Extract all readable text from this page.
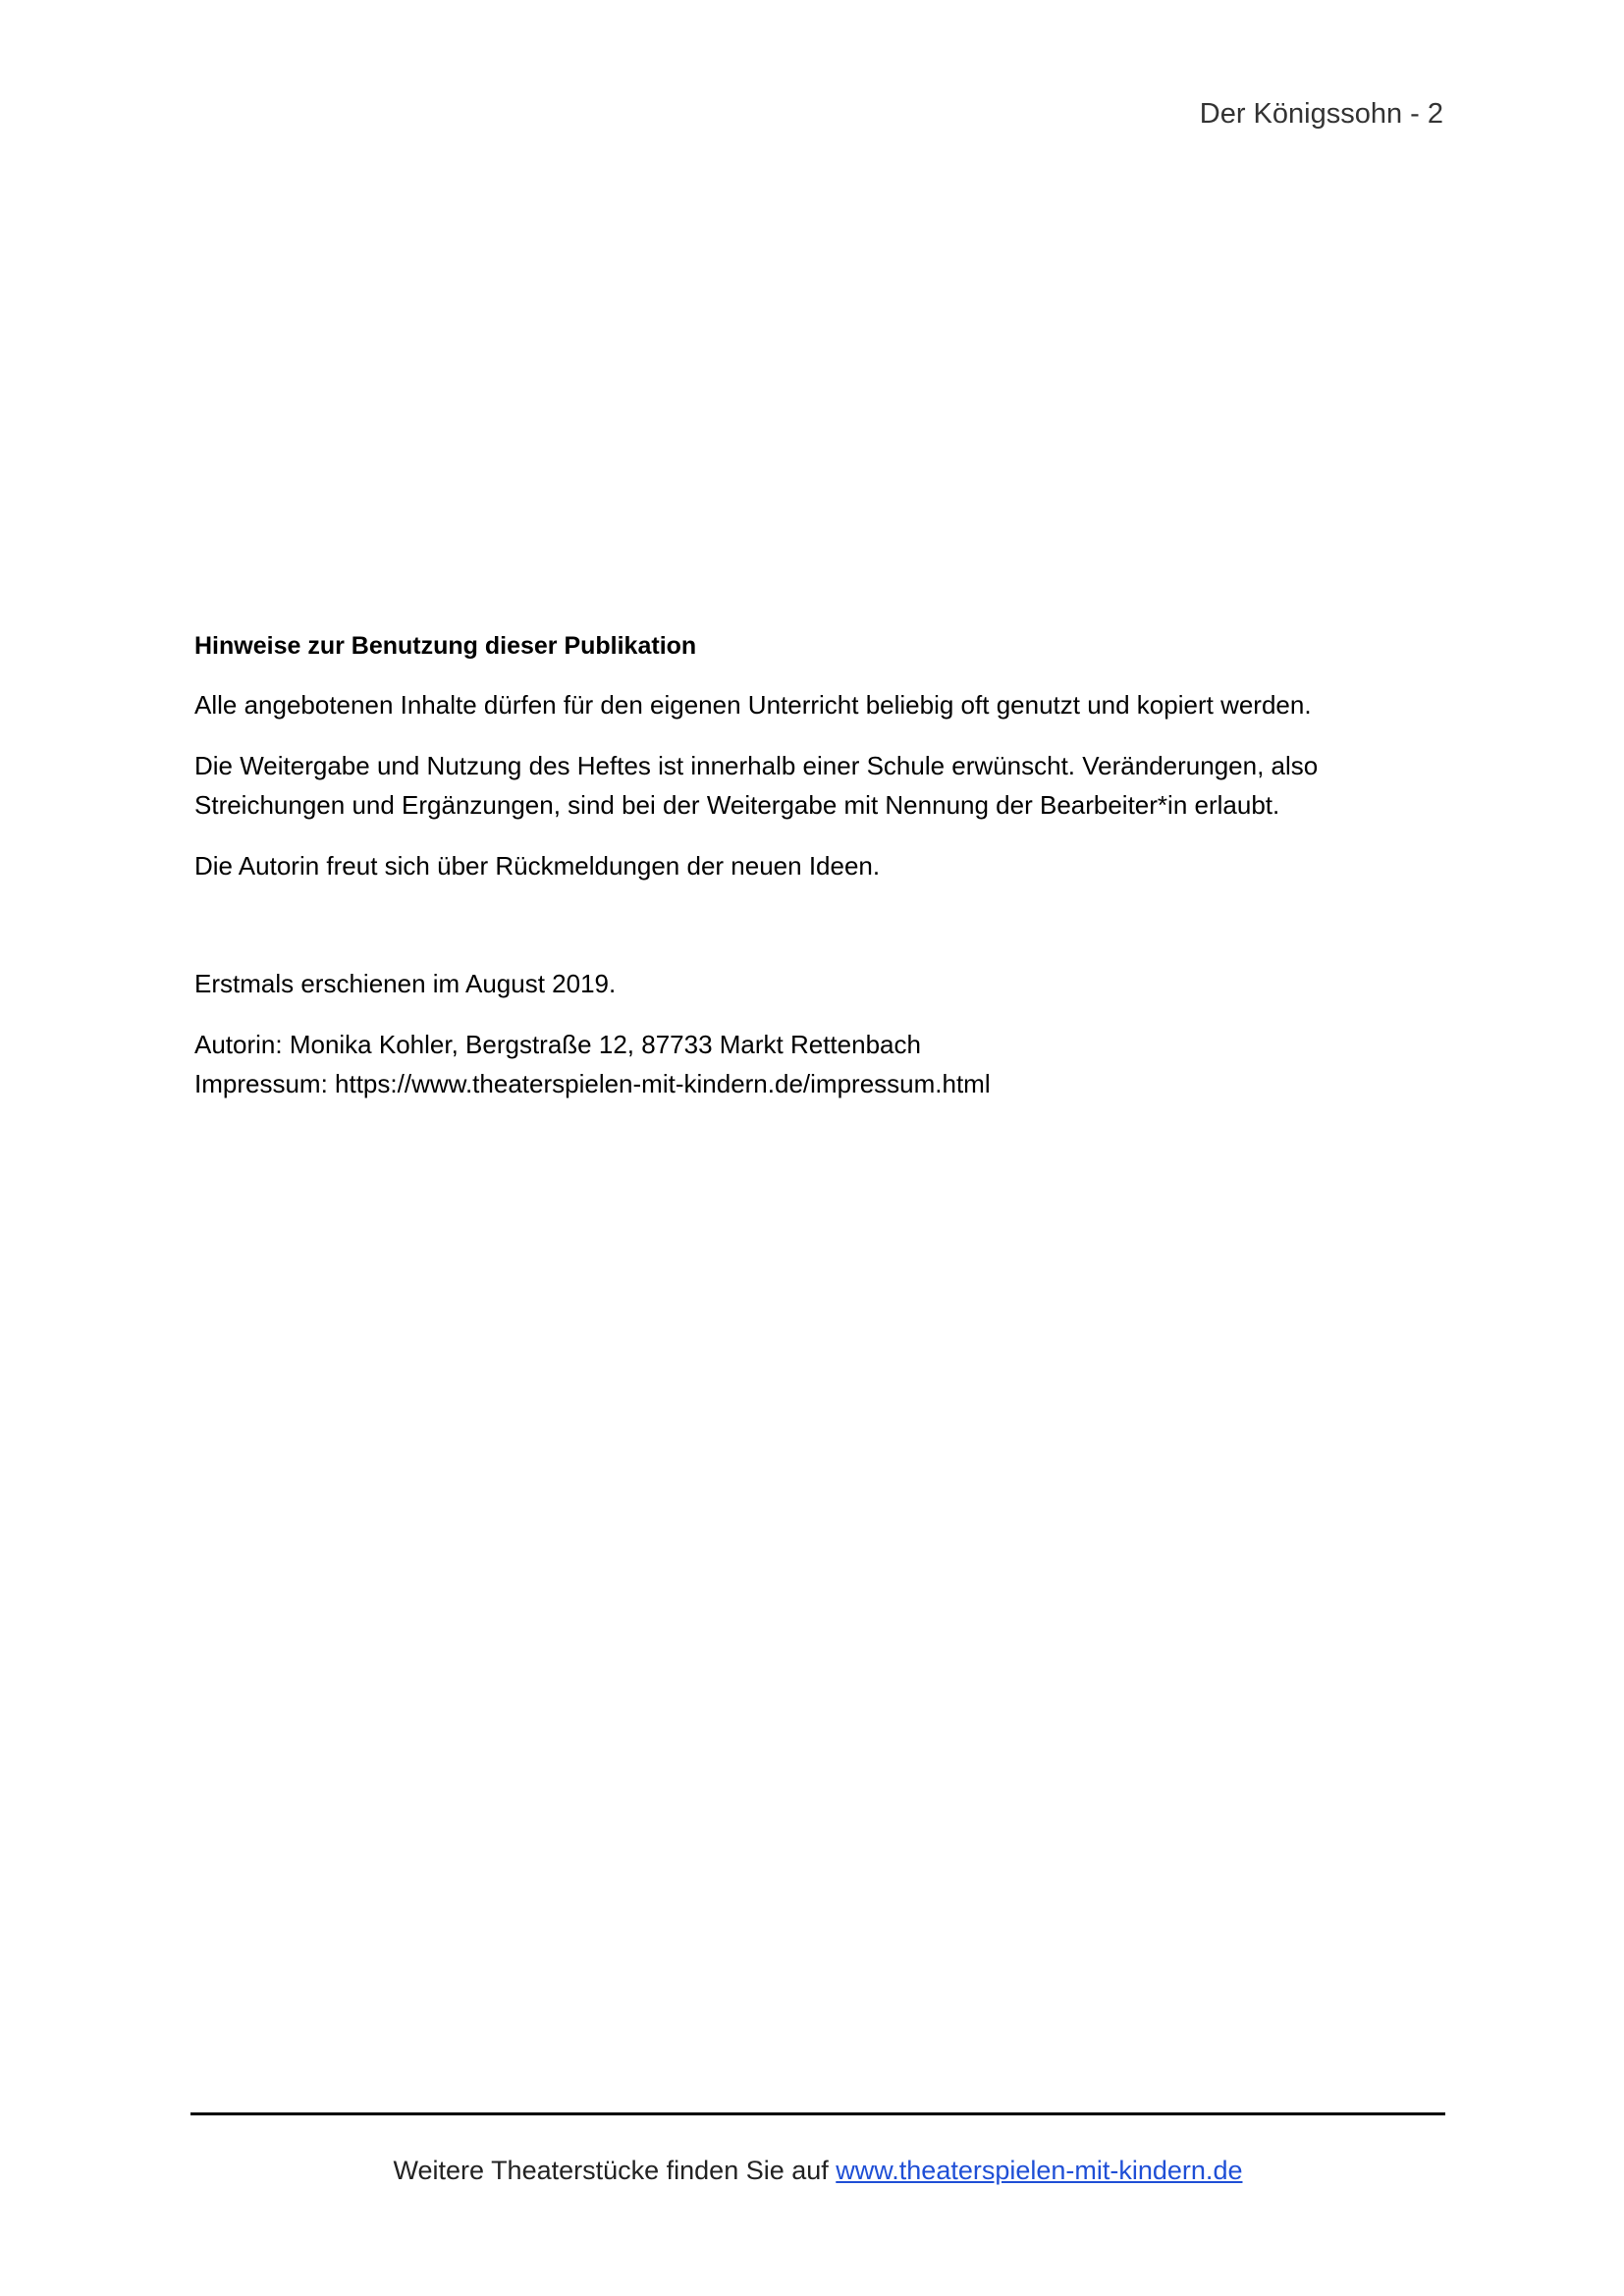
Der Königssohn - 2
Hinweise zur Benutzung dieser Publikation

Alle angebotenen Inhalte dürfen für den eigenen Unterricht beliebig oft genutzt und kopiert werden.

Die Weitergabe und Nutzung des Heftes ist innerhalb einer Schule erwünscht. Veränderungen, also Streichungen und Ergänzungen, sind bei der Weitergabe mit Nennung der Bearbeiter*in erlaubt.

Die Autorin freut sich über Rückmeldungen der neuen Ideen.

Erstmals erschienen im August 2019.

Autorin: Monika Kohler, Bergstraße 12, 87733 Markt Rettenbach
Impressum: https://www.theaterspielen-mit-kindern.de/impressum.html

Weitere Theaterstücke finden Sie auf www.theaterspielen-mit-kindern.de
